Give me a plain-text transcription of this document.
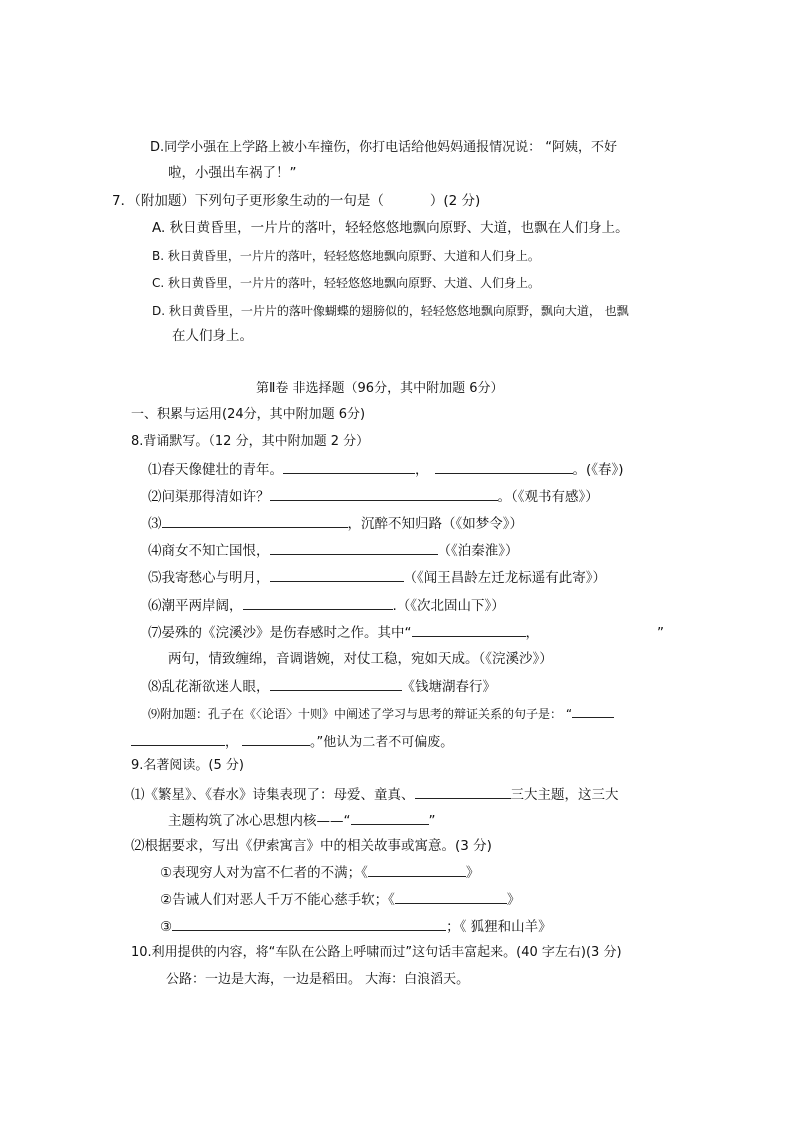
D.同学小强在上学路上被小车撞伤，你打电话给他妈妈通报情况说： “阿姨，不好
啦，小强出车祸了！”
7．（附加题）下列句子更形象生动的一句是（	）(2 分)
A. 秋日黄昏里，一片片的落叶，轻轻悠悠地飘向原野、大道，也飘在人们身上。
B. 秋日黄昏里，一片片的落叶，轻轻悠悠地飘向原野、大道和人们身上。
C. 秋日黄昏里，一片片的落叶，轻轻悠悠地飘向原野、大道、人们身上。
D. 秋日黄昏里，一片片的落叶像蝴蝶的翅膀似的，轻轻悠悠地飘向原野，飘向大道， 也飘
在人们身上。
第Ⅱ卷 非选择题（96分，其中附加题 6分）
一、积累与运用(24分，其中附加题 6分)
8.背诵默写。（12 分，其中附加题 2 分）
⑴春天像健壮的青年。	，	。(《春》)
⑵问渠那得清如许？	。（《观书有感》）
⑶	，沉醉不知归路（《如梦令》）
⑷商女不知亡国恨，	（《泊秦淮》）
⑸我寄愁心与明月，	（《闻王昌龄左迁龙标遥有此寄》）
⑹潮平两岸阔，	.（《次北固山下》）
⑺晏殊的《浣溪沙》是伤春感时之作。其中“	，	”
两句，情致缠绵，音调谐婉，对仗工稳，宛如天成。（《浣溪沙》）
⑻乱花渐欲迷人眼，	《钱塘湖春行》
⑼附加题：孔子在《〈论语〉十则》中阐述了学习与思考的辩证关系的句子是： “
，	。”他认为二者不可偏废。
9.名著阅读。(5 分)
⑴《繁星》、《春水》诗集表现了：母爱、童真、	三大主题，这三大
主题构筑了冰心思想内核——“	”
⑵根据要求，写出《伊索寓言》中的相关故事或寓意。(3 分)
①表现穷人对为富不仁者的不满；《	》
②告诫人们对恶人千万不能心慈手软；《	》
③	；《 狐狸和山羊》
10.利用提供的内容，将“车队在公路上呼啸而过”这句话丰富起来。(40 字左右)(3 分)
公路：一边是大海，一边是稻田。 大海：白浪滔天。
